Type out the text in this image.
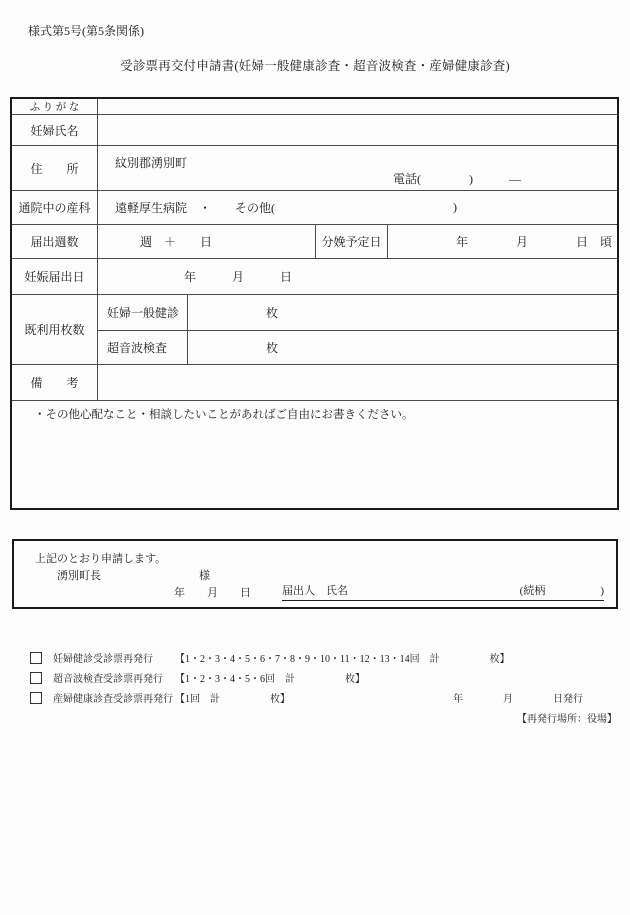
様式第5号(第5条関係)
受診票再交付申請書(妊婦一般健康診査・超音波検査・産婦健康診査)
ふ り が な
妊婦氏名
住　　所	紋別郡湧別町
電話(　　　　)　　　―
通院中の産科	遠軽厚生病院　・　　その他(	)
届出週数	週　＋　　日	分娩予定日	年　　　　月　　　　日　頃
妊娠届出日	年　　　月　　　日
既利用枚数
妊婦一般健診	枚
超音波検査	枚
備　　考
・その他心配なこと・相談したいことがあればご自由にお書きください。
上記のとおり申請します。
湧別町長	様
年　　月　　日	届出人　氏名	(続柄　　　　　)
妊婦健診受診票再発行	【1・2・3・4・5・6・7・8・9・10・11・12・13・14回　計　　　　　枚】
超音波検査受診票再発行	【1・2・3・4・5・6回　計　　　　　枚】
産婦健康診査受診票再発行 【1回　計　　　　　枚】	年　　　　月　　　　日発行
【再発行場所：役場】
